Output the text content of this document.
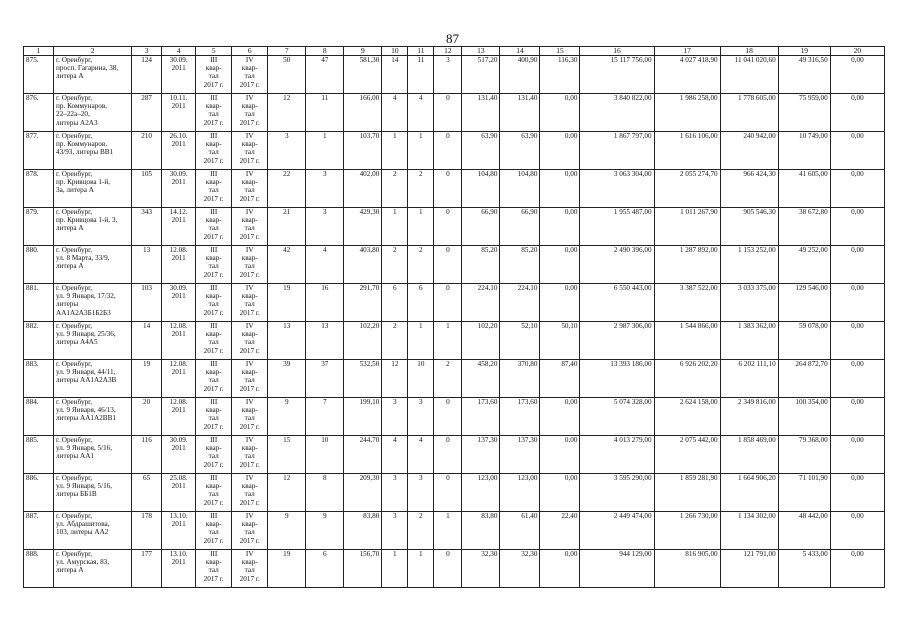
87
1	2	3	4	5	6	7	8	9	10	11	12	13	14	15	16	17	18	19	20
875.	г. Оренбург,
просп. Гагарина, 38,
литера А	124	30.09.
2011	III
квар-
тал
2017 г.	IV
квар-
тал
2017 г.	50	47	581,30	14	11	3	517,20	400,90	116,30	15 117 756,00	4 027 418,90	11 041 020,60	49 316,50	0,00
876.	г. Оренбург,
пр. Коммунаров,
22–22а–20,
литеры А2А3	287	10.11.
2011	III
квар-
тал
2017 г.	IV
квар-
тал
2017 г.	12	11	166,00	4	4	0	131,40	131,40	0,00	3 840 822,00	1 986 258,00	1 778 605,00	75 959,00	0,00
877.	г. Оренбург,
пр. Коммунаров,
43/93, литеры ВВ1	210	26.10.
2011	III
квар-
тал
2017 г.	IV
квар-
тал
2017 г.	3	1	103,70	1	1	0	63,90	63,90	0,00	1 867 797,00	1 616 106,00	240 942,00	10 749,00	0,00
878.	г. Оренбург,
пр. Кривцова 1-й,
3а, литера А	105	30.09.
2011	III
квар-
тал
2017 г.	IV
квар-
тал
2017 г.	22	3	402,00	2	2	0	104,80	104,80	0,00	3 063 304,00	2 055 274,70	966 424,30	41 605,00	0,00
879.	г. Оренбург,
пр. Кривцова 1-й, 3,
литера А	343	14.12.
2011	III
квар-
тал
2017 г.	IV
квар-
тал
2017 г.	21	3	429,30	1	1	0	66,90	66,90	0,00	1 955 487,00	1 011 267,90	905 546,30	38 672,80	0,00
880.	г. Оренбург,
ул. 8 Марта, 33/9,
литера А	13	12.08.
2011	III
квар-
тал
2017 г.	IV
квар-
тал
2017 г.	42	4	403,80	2	2	0	85,20	85,20	0,00	2 490 396,00	1 287 892,00	1 153 252,00	49 252,00	0,00
881.	г. Оренбург,
ул. 9 Января, 17/32,
литеры
АА1А2А3Б1Б2Б3	103	30.09.
2011	III
квар-
тал
2017 г.	IV
квар-
тал
2017 г.	19	16	291,70	6	6	0	224,10	224,10	0,00	6 550 443,00	3 387 522,00	3 033 375,00	129 546,00	0,00
882.	г. Оренбург,
ул. 9 Января, 25/36,
литеры А4А5	14	12.08.
2011	III
квар-
тал
2017 г.	IV
квар-
тал
2017 г.	13	13	102,20	2	1	1	102,20	52,10	50,10	2 987 306,00	1 544 866,00	1 383 362,00	59 078,00	0,00
883.	г. Оренбург,
ул. 9 Января, 44/11,
литеры АА1А2А3В	19	12.08.
2011	III
квар-
тал
2017 г.	IV
квар-
тал
2017 г.	39	37	532,50	12	10	2	458,20	370,80	87,40	13 393 186,00	6 926 202,20	6 202 111,10	264 872,70	0,00
884.	г. Оренбург,
ул. 9 Января, 46/13,
литеры АА1А2ВВ1	20	12.08.
2011	III
квар-
тал
2017 г.	IV
квар-
тал
2017 г.	9	7	199,10	3	3	0	173,60	173,60	0,00	5 074 328,00	2 624 158,00	2 349 816,00	100 354,00	0,00
885.	г. Оренбург,
ул. 9 Января, 5/16,
литеры АА1	116	30.09.
2011	III
квар-
тал
2017 г.	IV
квар-
тал
2017 г.	15	10	244,70	4	4	0	137,30	137,30	0,00	4 013 279,00	2 075 442,00	1 858 469,00	79 368,00	0,00
886.	г. Оренбург,
ул. 9 Января, 5/16,
литеры ББ1В	65	25.08.
2011	III
квар-
тал
2017 г.	IV
квар-
тал
2017 г.	12	8	209,30	3	3	0	123,00	123,00	0,00	3 595 290,00	1 859 281,90	1 664 906,20	71 101,90	0,00
887.	г. Оренбург,
ул. Абдрашитова,
103, литеры АА2	178	13.10.
2011	III
квар-
тал
2017 г.	IV
квар-
тал
2017 г.	9	9	83,80	3	2	1	83,80	61,40	22,40	2 449 474,00	1 266 730,00	1 134 302,00	48 442,00	0,00
888.	г. Оренбург,
ул. Амурская, 83,
литера А	177	13.10.
2011	III
квар-
тал
2017 г.	IV
квар-
тал
2017 г.	19	6	156,70	1	1	0	32,30	32,30	0,00	944 129,00	816 905,00	121 791,00	5 433,00	0,00
